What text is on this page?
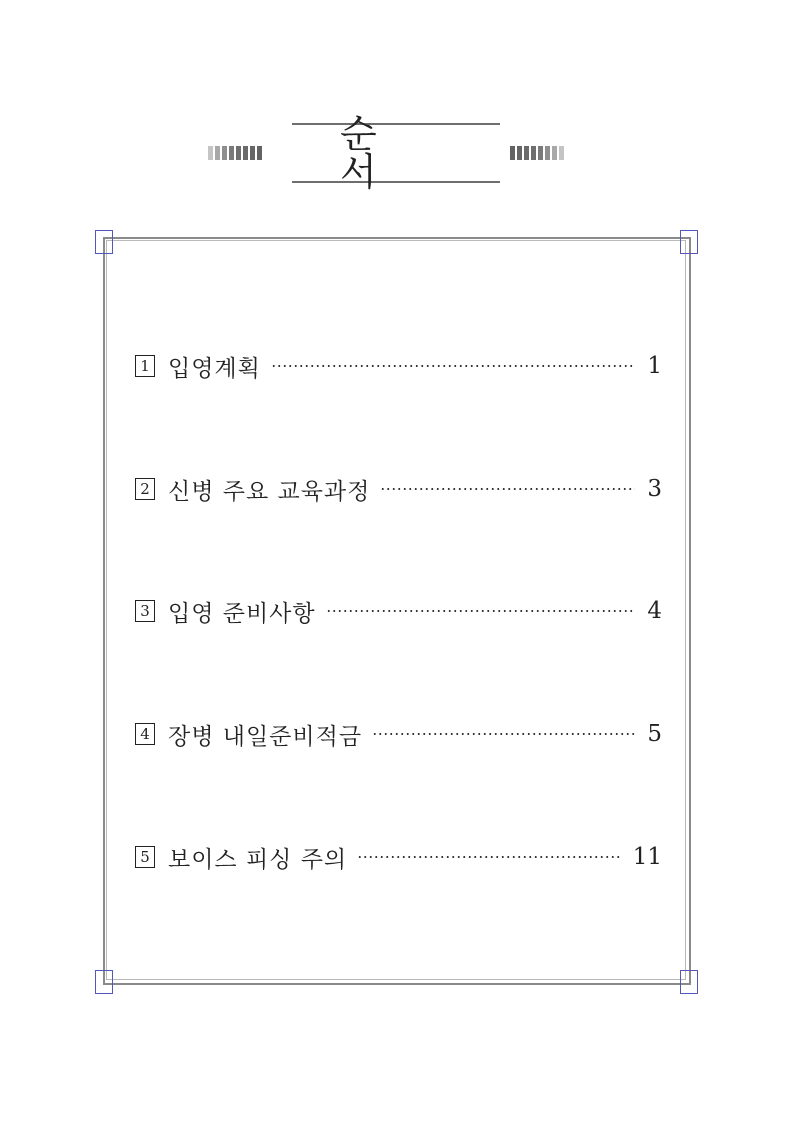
순 서
1 입영계획	1
2 신병 주요 교육과정	3
3 입영 준비사항	4
4 장병 내일준비적금	5
5 보이스 피싱 주의	11
